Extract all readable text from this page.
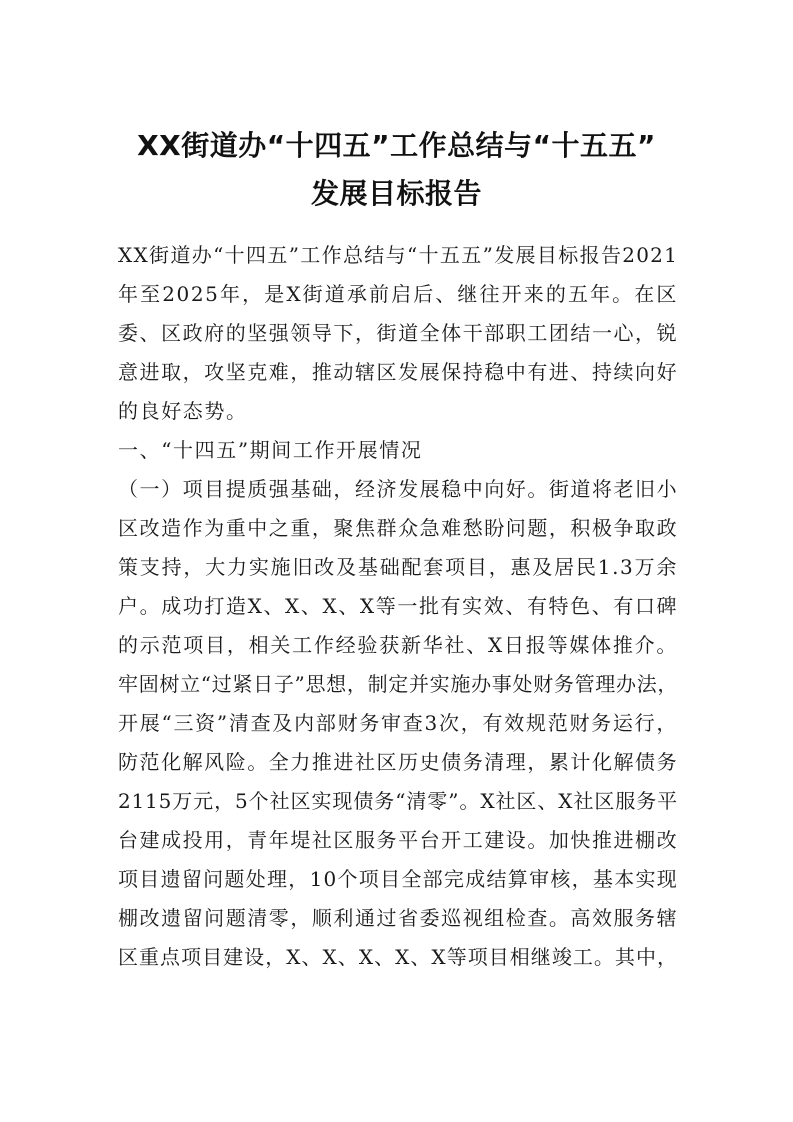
XX街道办“十四五”工作总结与“十五五”
发展目标报告
XX街道办“十四五”工作总结与“十五五”发展目标报告2021
年至2025年，是X街道承前启后、继往开来的五年。在区
委、区政府的坚强领导下，街道全体干部职工团结一心，锐
意进取，攻坚克难，推动辖区发展保持稳中有进、持续向好
的良好态势。
一、“十四五”期间工作开展情况
（一）项目提质强基础，经济发展稳中向好。街道将老旧小
区改造作为重中之重，聚焦群众急难愁盼问题，积极争取政
策支持，大力实施旧改及基础配套项目，惠及居民1.3万余
户。成功打造X、X、X、X等一批有实效、有特色、有口碑
的示范项目，相关工作经验获新华社、X日报等媒体推介。
牢固树立“过紧日子”思想，制定并实施办事处财务管理办法，
开展“三资”清查及内部财务审查3次，有效规范财务运行，
防范化解风险。全力推进社区历史债务清理，累计化解债务
2115万元，5个社区实现债务“清零”。X社区、X社区服务平
台建成投用，青年堤社区服务平台开工建设。加快推进棚改
项目遗留问题处理，10个项目全部完成结算审核，基本实现
棚改遗留问题清零，顺利通过省委巡视组检查。高效服务辖
区重点项目建设，X、X、X、X、X等项目相继竣工。其中，
